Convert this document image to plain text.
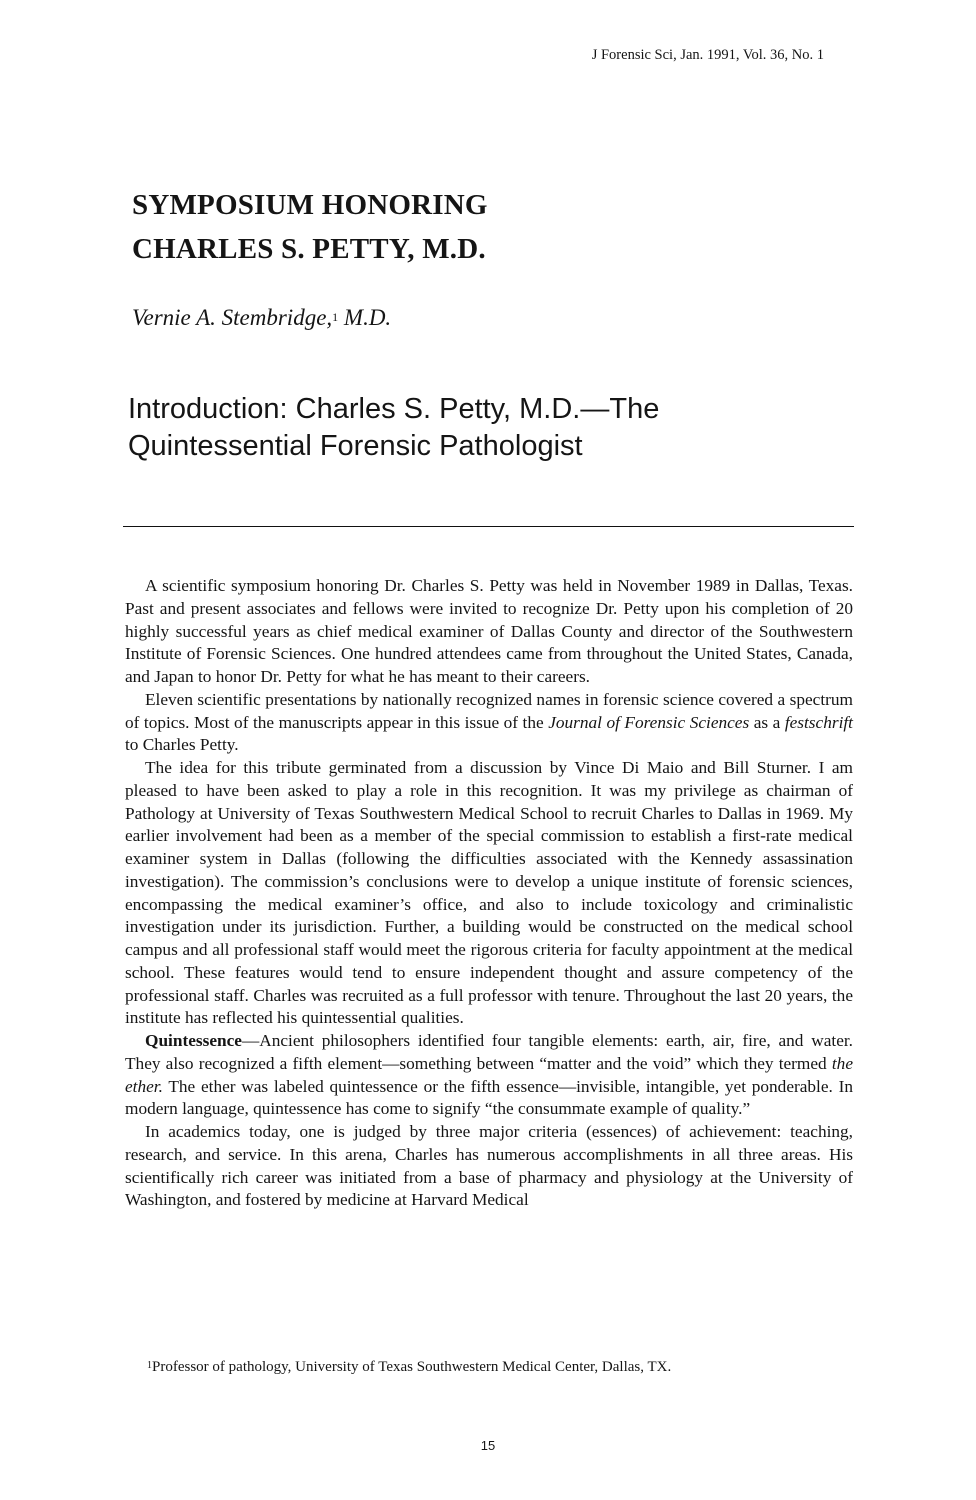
J Forensic Sci, Jan. 1991, Vol. 36, No. 1
SYMPOSIUM HONORING
CHARLES S. PETTY, M.D.
Vernie A. Stembridge,$^1$ M.D.
Introduction: Charles S. Petty, M.D.—The
Quintessential Forensic Pathologist

A scientific symposium honoring Dr. Charles S. Petty was held in November 1989 in Dallas, Texas. Past and present associates and fellows were invited to recognize Dr. Petty upon his completion of 20 highly successful years as chief medical examiner of Dallas County and director of the Southwestern Institute of Forensic Sciences. One hundred attendees came from throughout the United States, Canada, and Japan to honor Dr. Petty for what he has meant to their careers.

Eleven scientific presentations by nationally recognized names in forensic science covered a spectrum of topics. Most of the manuscripts appear in this issue of the Journal of Forensic Sciences as a festschrift to Charles Petty.

The idea for this tribute germinated from a discussion by Vince Di Maio and Bill Sturner. I am pleased to have been asked to play a role in this recognition. It was my privilege as chairman of Pathology at University of Texas Southwestern Medical School to recruit Charles to Dallas in 1969. My earlier involvement had been as a member of the special commission to establish a first-rate medical examiner system in Dallas (following the difficulties associated with the Kennedy assassination investigation). The commission’s conclusions were to develop a unique institute of forensic sciences, encompassing the medical examiner’s office, and also to include toxicology and criminalistic investigation under its jurisdiction. Further, a building would be constructed on the medical school campus and all professional staff would meet the rigorous criteria for faculty appointment at the medical school. These features would tend to ensure independent thought and assure competency of the professional staff. Charles was recruited as a full professor with tenure. Throughout the last 20 years, the institute has reflected his quintessential qualities.

Quintessence—Ancient philosophers identified four tangible elements: earth, air, fire, and water. They also recognized a fifth element—something between “matter and the void” which they termed the ether. The ether was labeled quintessence or the fifth essence—invisible, intangible, yet ponderable. In modern language, quintessence has come to signify “the consummate example of quality.”

In academics today, one is judged by three major criteria (essences) of achievement: teaching, research, and service. In this arena, Charles has numerous accomplishments in all three areas. His scientifically rich career was initiated from a base of pharmacy and physiology at the University of Washington, and fostered by medicine at Harvard Medical

$^1$Professor of pathology, University of Texas Southwestern Medical Center, Dallas, TX.
15
